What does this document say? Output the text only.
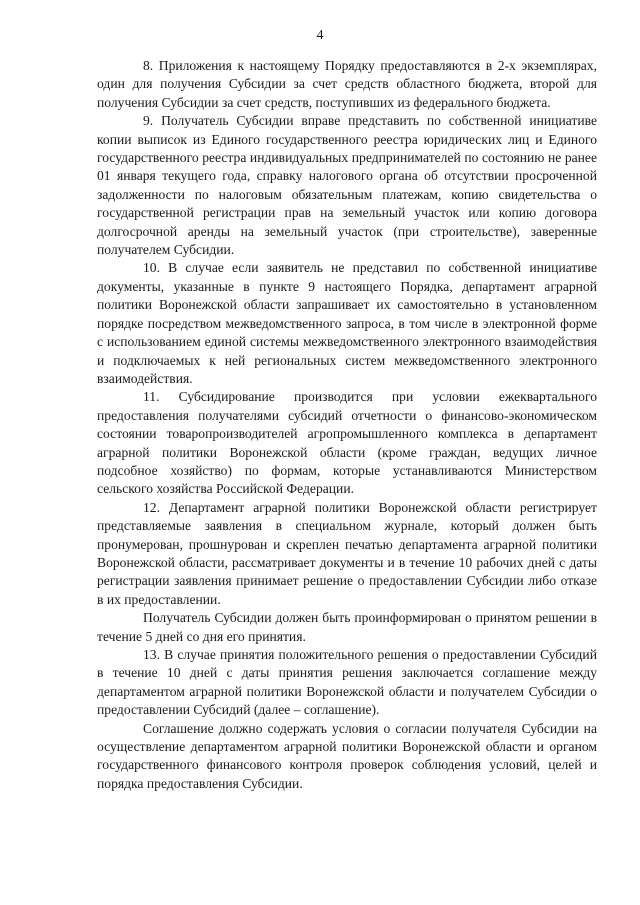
4

8. Приложения к настоящему Порядку предоставляются в 2-х экземплярах, один для получения Субсидии за счет средств областного бюджета, второй для получения Субсидии за счет средств, поступивших из федерального бюджета.

9. Получатель Субсидии вправе представить по собственной инициативе копии выписок из Единого государственного реестра юридических лиц и Единого государственного реестра индивидуальных предпринимателей по состоянию не ранее 01 января текущего года, справку налогового органа об отсутствии просроченной задолженности по налоговым обязательным платежам, копию свидетельства о государственной регистрации прав на земельный участок или копию договора долгосрочной аренды на земельный участок (при строительстве), заверенные получателем Субсидии.

10. В случае если заявитель не представил по собственной инициативе документы, указанные в пункте 9 настоящего Порядка, департамент аграрной политики Воронежской области запрашивает их самостоятельно в установленном порядке посредством межведомственного запроса, в том числе в электронной форме с использованием единой системы межведомственного электронного взаимодействия и подключаемых к ней региональных систем межведомственного электронного взаимодействия.

11. Субсидирование производится при условии ежеквартального предоставления получателями субсидий отчетности о финансово-экономическом состоянии товаропроизводителей агропромышленного комплекса в департамент аграрной политики Воронежской области (кроме граждан, ведущих личное подсобное хозяйство) по формам, которые устанавливаются Министерством сельского хозяйства Российской Федерации.

12. Департамент аграрной политики Воронежской области регистрирует представляемые заявления в специальном журнале, который должен быть пронумерован, прошнурован и скреплен печатью департамента аграрной политики Воронежской области, рассматривает документы и в течение 10 рабочих дней с даты регистрации заявления принимает решение о предоставлении Субсидии либо отказе в их предоставлении.

Получатель Субсидии должен быть проинформирован о принятом решении в течение 5 дней со дня его принятия.

13. В случае принятия положительного решения о предоставлении Субсидий в течение 10 дней с даты принятия решения заключается соглашение между департаментом аграрной политики Воронежской области и получателем Субсидии о предоставлении Субсидий (далее – соглашение).

Соглашение должно содержать условия о согласии получателя Субсидии на осуществление департаментом аграрной политики Воронежской области и органом государственного финансового контроля проверок соблюдения условий, целей и порядка предоставления Субсидии.
